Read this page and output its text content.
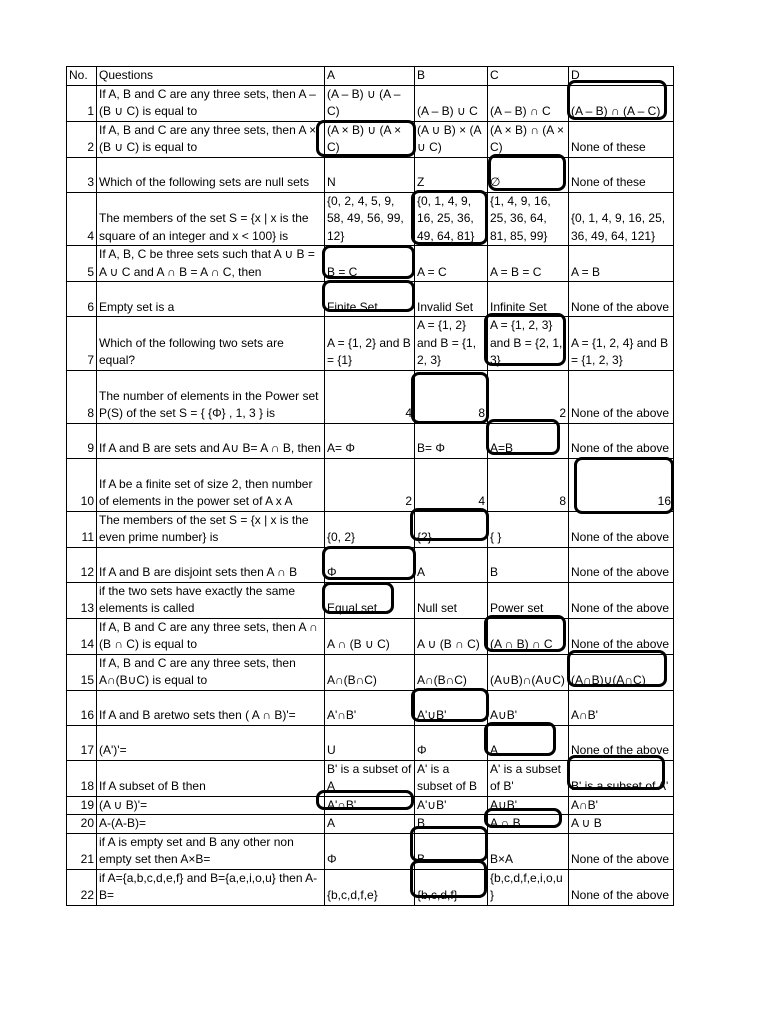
No.	Questions	A	B	C	D
1	If A, B and C are any three sets, then A – (B ∪ C) is equal to	(A – B) ∪ (A – C)	(A – B) ∪ C	(A – B) ∩ C	(A – B) ∩ (A – C)
2	If A, B and C are any three sets, then A × (B ∪ C) is equal to	(A × B) ∪ (A × C)	(A ∪ B) × (A ∪ C)	(A × B) ∩ (A × C)	None of these
3	Which of the following sets are null sets	N	Z	∅	None of these
4	The members of the set S = {x | x is the square of an integer and x < 100} is	{0, 2, 4, 5, 9, 58, 49, 56, 99, 12}	{0, 1, 4, 9, 16, 25, 36, 49, 64, 81}	{1, 4, 9, 16, 25, 36, 64, 81, 85, 99}	{0, 1, 4, 9, 16, 25, 36, 49, 64, 121}
5	If A, B, C be three sets such that A ∪ B = A ∪ C and A ∩ B = A ∩ C, then	B = C	A = C	A = B = C	A = B
6	Empty set is a	Finite Set	Invalid Set	Infinite Set	None of the above
7	Which of the following two sets are equal?	A = {1, 2} and B = {1}	A = {1, 2} and B = {1, 2, 3}	A = {1, 2, 3} and B = {2, 1, 3}	A = {1, 2, 4} and B = {1, 2, 3}
8	The number of elements in the Power set P(S) of the set S = { {Φ} , 1, 3 } is	4	8	2	None of the above
9	If A and B are sets and A∪ B= A ∩ B, then	A= Φ	B= Φ	A=B	None of the above
10	If A be a finite set of size 2, then number of elements in the power set of A x A	2	4	8	16
11	The members of the set S = {x | x is the even prime number} is	{0, 2}	{2}	{ }	None of the above
12	If A and B are disjoint sets then A ∩ B	Φ	A	B	None of the above
13	if the two sets have exactly the same elements is called	Equal set	Null set	Power set	None of the above
14	If A, B and C are any three sets, then A ∩ (B ∩ C) is equal to	A ∩ (B ∪ C)	A ∪ (B ∩ C)	(A ∩ B) ∩ C	None of the above
15	If A, B and C are any three sets, then A∩(B∪C) is equal to	A∩(B∩C)	A∩(B∩C)	(A∪B)∩(A∪C)	(A∩B)∪(A∩C)
16	If A and B aretwo sets then ( A ∩ B)'=	A'∩B'	A'∪B'	A∪B'	A∩B'
17	(A')'=	U	Φ	A	None of the above
18	If A subset of B then	B' is a subset of A	A' is a subset of B	A' is a subset of B'	B' is a subset of A'
19	(A ∪ B)'=	A'∩B'	A'∪B'	A∪B'	A∩B'
20	A-(A-B)=	A	B	A ∩ B	A ∪ B
21	if A is empty set and B any other non empty set then A×B=	Φ	B	B×A	None of the above
22	if A={a,b,c,d,e,f} and B={a,e,i,o,u} then A-B=	{b,c,d,f,e}	{b,c,d,f}	{b,c,d,f,e,i,o,u}	None of the above
